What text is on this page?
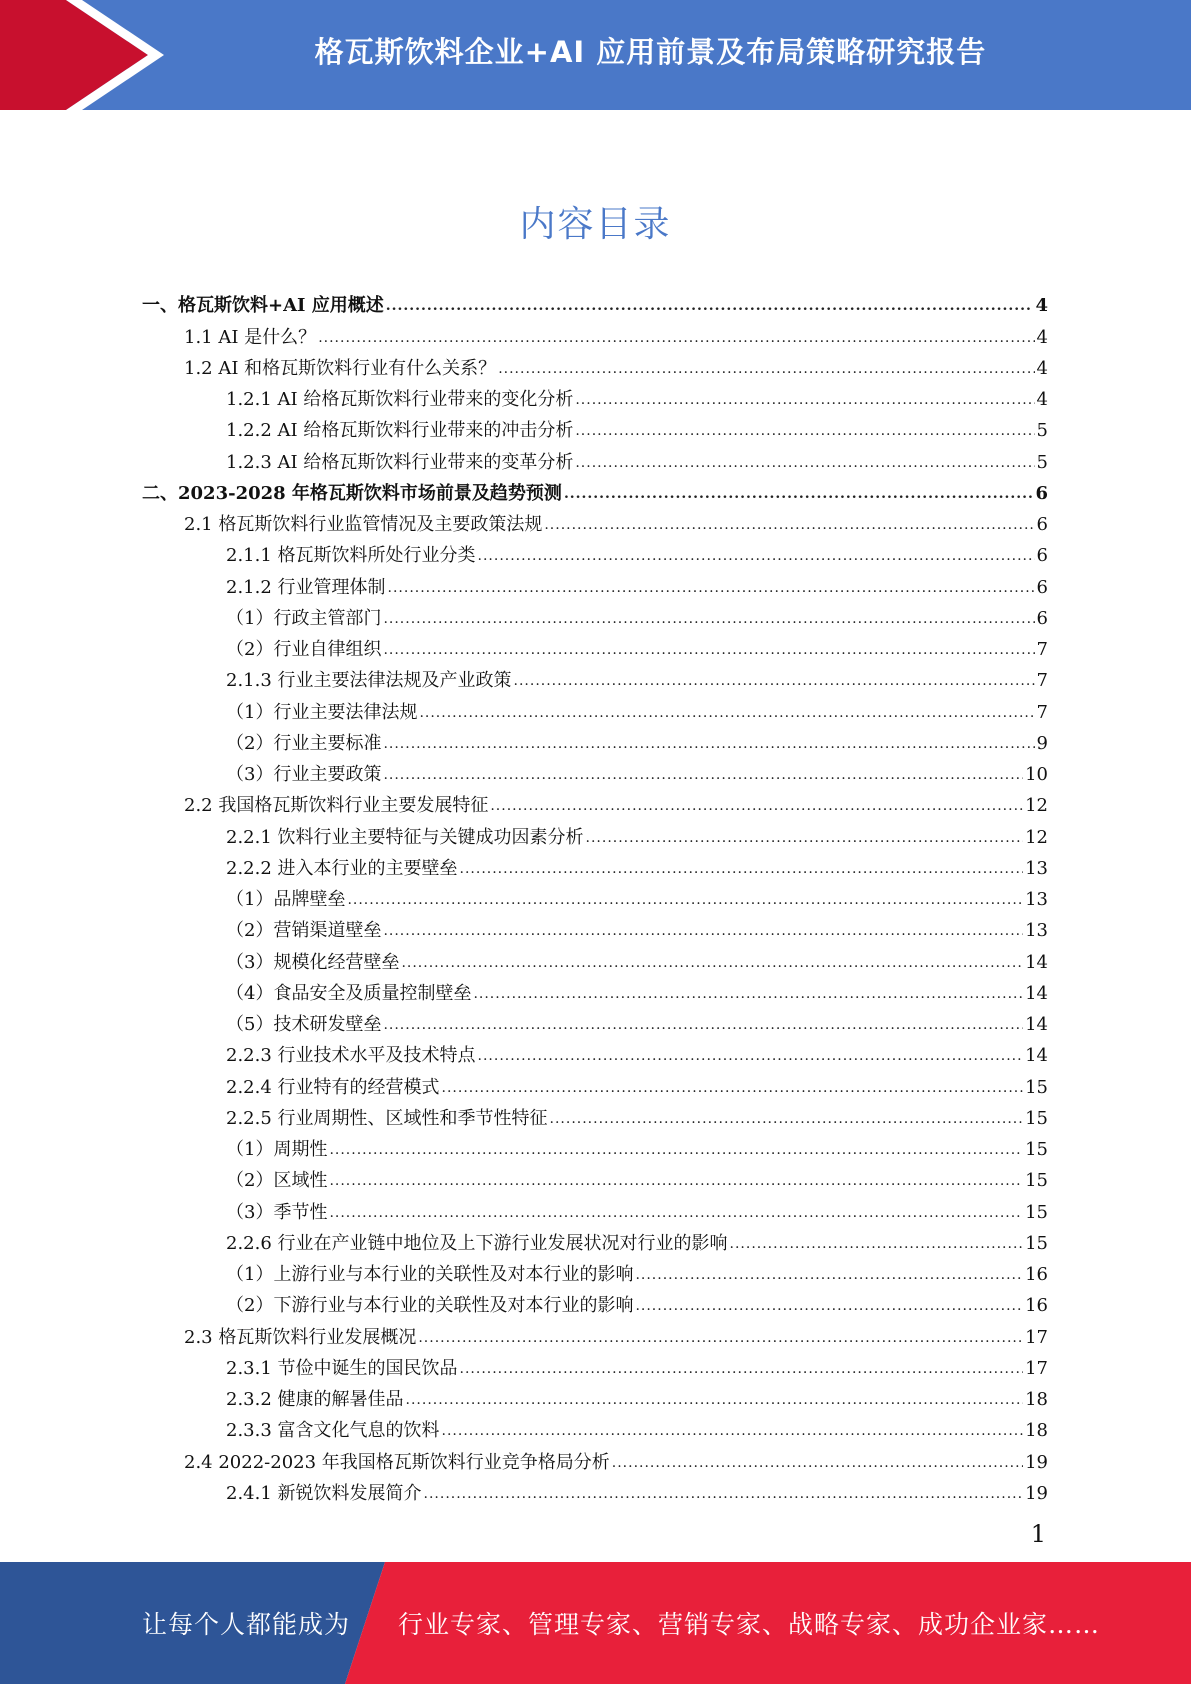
格瓦斯饮料企业+AI 应用前景及布局策略研究报告
内容目录
一、格瓦斯饮料+AI 应用概述 .....	4
1.1 AI 是什么？ .....	4
1.2 AI 和格瓦斯饮料行业有什么关系？ .....	4
1.2.1 AI 给格瓦斯饮料行业带来的变化分析 .....	4
1.2.2 AI 给格瓦斯饮料行业带来的冲击分析 .....	5
1.2.3 AI 给格瓦斯饮料行业带来的变革分析 .....	5
二、2023-2028 年格瓦斯饮料市场前景及趋势预测 .....	6
2.1 格瓦斯饮料行业监管情况及主要政策法规 .....	6
2.1.1 格瓦斯饮料所处行业分类 .....	6
2.1.2 行业管理体制 .....	6
（1）行政主管部门 .....	6
（2）行业自律组织 .....	7
2.1.3 行业主要法律法规及产业政策 .....	7
（1）行业主要法律法规 .....	7
（2）行业主要标准 .....	9
（3）行业主要政策 .....	10
2.2 我国格瓦斯饮料行业主要发展特征 .....	12
2.2.1 饮料行业主要特征与关键成功因素分析 .....	12
2.2.2 进入本行业的主要壁垒 .....	13
（1）品牌壁垒 .....	13
（2）营销渠道壁垒 .....	13
（3）规模化经营壁垒 .....	14
（4）食品安全及质量控制壁垒 .....	14
（5）技术研发壁垒 .....	14
2.2.3 行业技术水平及技术特点 .....	14
2.2.4 行业特有的经营模式 .....	15
2.2.5 行业周期性、区域性和季节性特征 .....	15
（1）周期性 .....	15
（2）区域性 .....	15
（3）季节性 .....	15
2.2.6 行业在产业链中地位及上下游行业发展状况对行业的影响 .....	15
（1）上游行业与本行业的关联性及对本行业的影响 .....	16
（2）下游行业与本行业的关联性及对本行业的影响 .....	16
2.3 格瓦斯饮料行业发展概况 .....	17
2.3.1 节俭中诞生的国民饮品 .....	17
2.3.2 健康的解暑佳品 .....	18
2.3.3 富含文化气息的饮料 .....	18
2.4 2022-2023 年我国格瓦斯饮料行业竞争格局分析 .....	19
2.4.1 新锐饮料发展简介 .....	19
1
让每个人都能成为 行业专家、管理专家、营销专家、战略专家、成功企业家……
